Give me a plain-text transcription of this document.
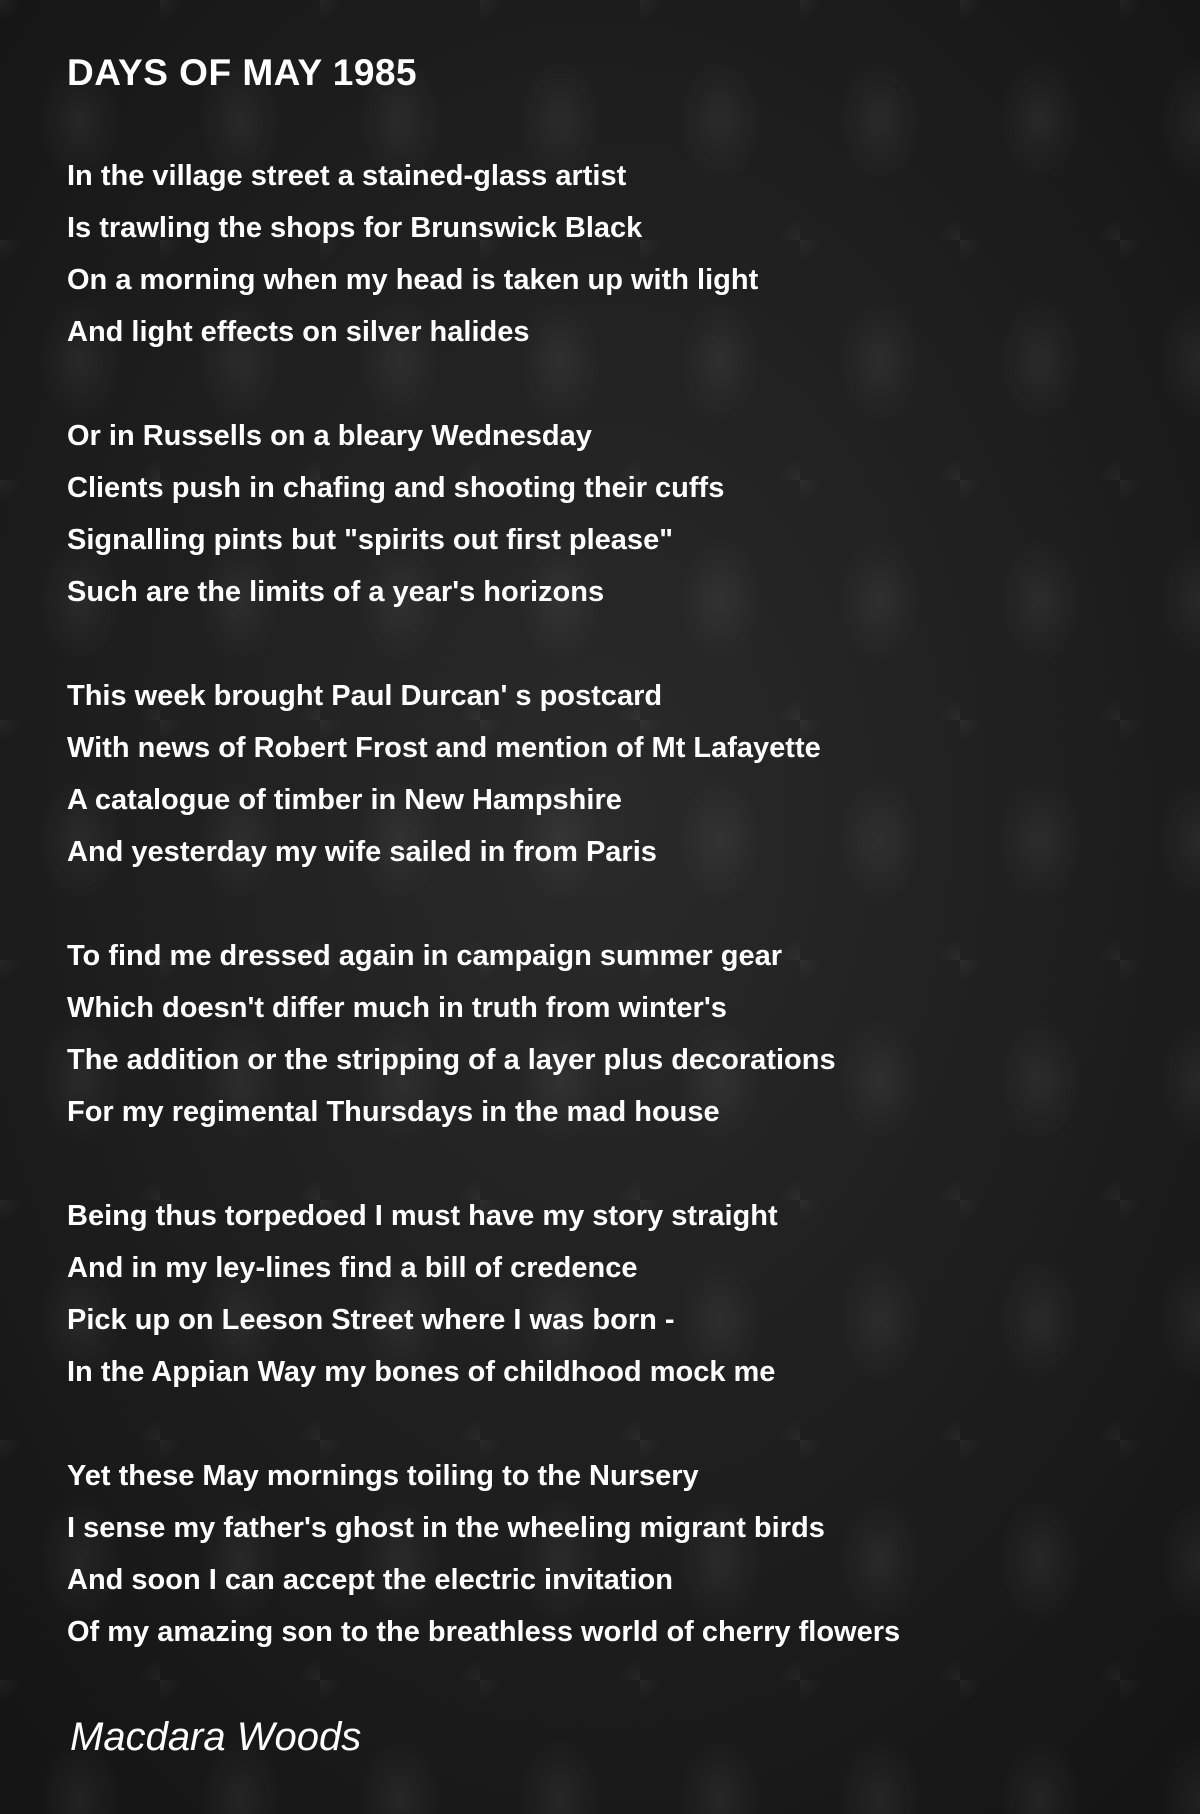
DAYS OF MAY 1985
In the village street a stained-glass artist
Is trawling the shops for Brunswick Black
On a morning when my head is taken up with light
And light effects on silver halides
Or in Russells on a bleary Wednesday
Clients push in chafing and shooting their cuffs
Signalling pints but "spirits out first please"
Such are the limits of a year's horizons
This week brought Paul Durcan' s postcard
With news of Robert Frost and mention of Mt Lafayette
A catalogue of timber in New Hampshire
And yesterday my wife sailed in from Paris
To find me dressed again in campaign summer gear
Which doesn't differ much in truth from winter's
The addition or the stripping of a layer plus decorations
For my regimental Thursdays in the mad house
Being thus torpedoed I must have my story straight
And in my ley-lines find a bill of credence
Pick up on Leeson Street where I was born -
In the Appian Way my bones of childhood mock me
Yet these May mornings toiling to the Nursery
I sense my father's ghost in the wheeling migrant birds
And soon I can accept the electric invitation
Of my amazing son to the breathless world of cherry flowers

Macdara Woods
